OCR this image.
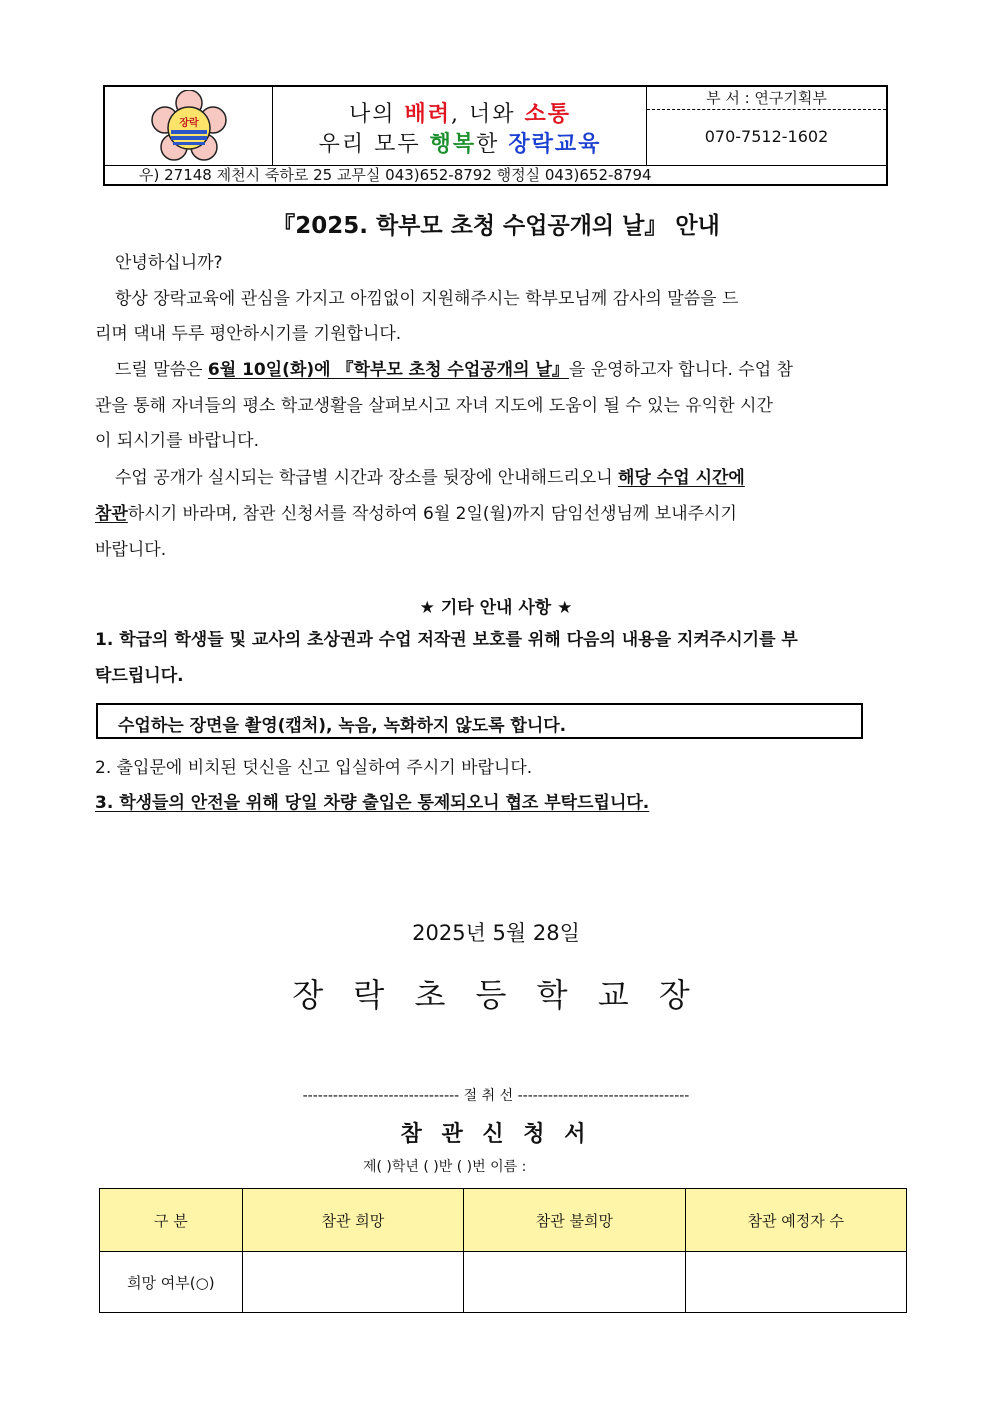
장락	나의 배려, 너와 소통
우리 모두 행복한 장락교육
부 서 : 연구기획부
070-7512-1602
우) 27148 제천시 죽하로 25 교무실 043)652-8792 행정실 043)652-8794
『2025. 학부모 초청 수업공개의 날』 안내
안녕하십니까?
항상 장락교육에 관심을 가지고 아낌없이 지원해주시는 학부모님께 감사의 말씀을 드
리며 댁내 두루 평안하시기를 기원합니다.
드릴 말씀은 6월 10일(화)에 『학부모 초청 수업공개의 날』을 운영하고자 합니다. 수업 참
관을 통해 자녀들의 평소 학교생활을 살펴보시고 자녀 지도에 도움이 될 수 있는 유익한 시간
이 되시기를 바랍니다.
수업 공개가 실시되는 학급별 시간과 장소를 뒷장에 안내해드리오니 해당 수업 시간에
참관하시기 바라며, 참관 신청서를 작성하여 6월 2일(월)까지 담임선생님께 보내주시기
바랍니다.
★ 기타 안내 사항 ★
1. 학급의 학생들 및 교사의 초상권과 수업 저작권 보호를 위해 다음의 내용을 지켜주시기를 부
탁드립니다.
수업하는 장면을 촬영(캡처), 녹음, 녹화하지 않도록 합니다.
2. 출입문에 비치된 덧신을 신고 입실하여 주시기 바랍니다.
3. 학생들의 안전을 위해 당일 차량 출입은 통제되오니 협조 부탁드립니다.
2025년 5월 28일
장 락 초 등 학 교 장
------------------------------- 절 취 선 ----------------------------------
참 관 신 청 서
제( )학년 ( )반 ( )번 이름 :
구 분	참관 희망	참관 불희망	참관 예정자 수
희망 여부(○)			
